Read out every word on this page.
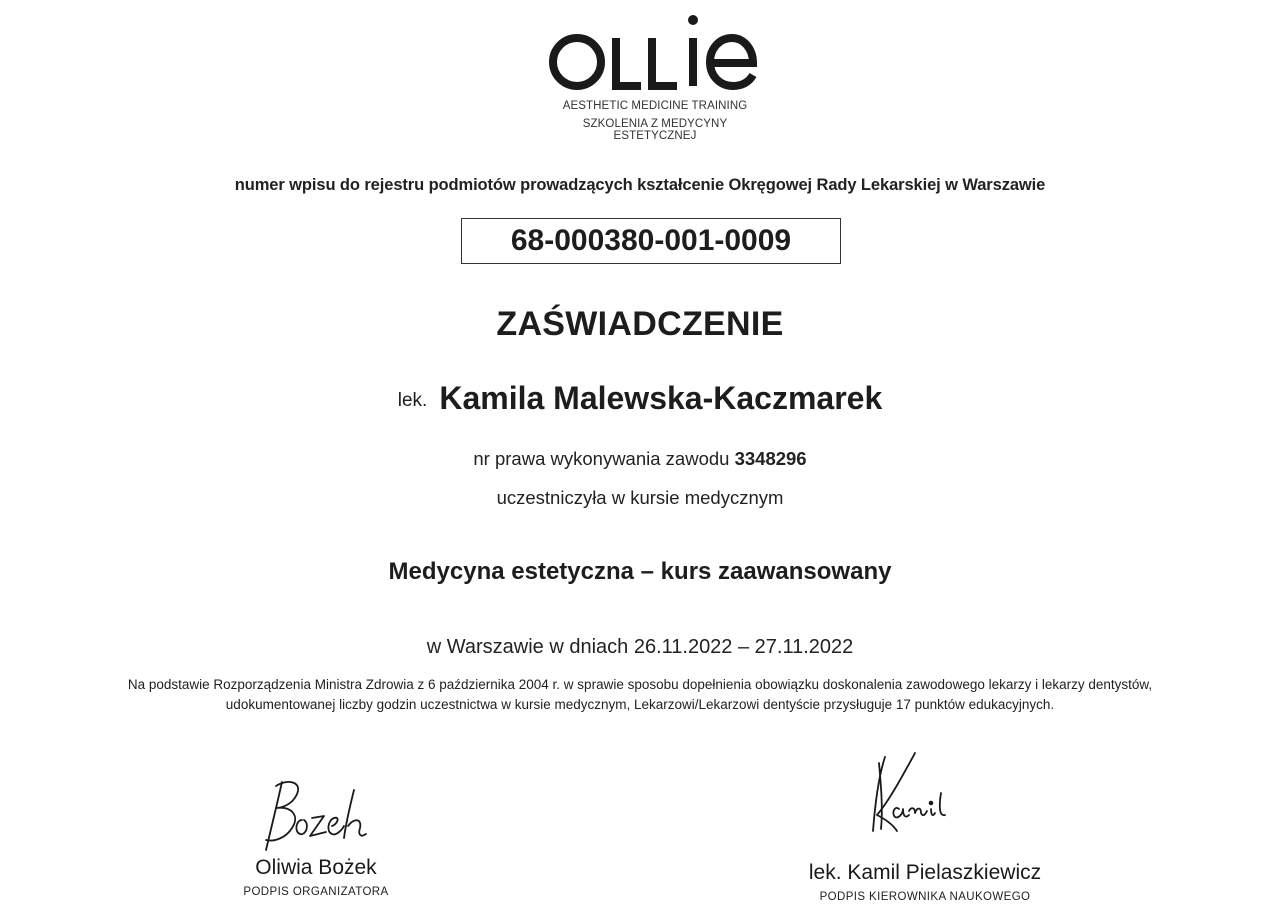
AESTHETIC MEDICINE TRAINING
SZKOLENIA Z MEDYCYNY ESTETYCZNEJ
numer wpisu do rejestru podmiotów prowadzących kształcenie Okręgowej Rady Lekarskiej w Warszawie
68-000380-001-0009
ZAŚWIADCZENIE
lek. Kamila Malewska-Kaczmarek
nr prawa wykonywania zawodu 3348296
uczestniczyła w kursie medycznym
Medycyna estetyczna – kurs zaawansowany
w Warszawie w dniach 26.11.2022 – 27.11.2022
Na podstawie Rozporządzenia Ministra Zdrowia z 6 października 2004 r. w sprawie sposobu dopełnienia obowiązku doskonalenia zawodowego lekarzy i lekarzy dentystów,
udokumentowanej liczby godzin uczestnictwa w kursie medycznym, Lekarzowi/Lekarzowi dentyście przysługuje 17 punktów edukacyjnych.
Oliwia Bożek
PODPIS ORGANIZATORA
lek. Kamil Pielaszkiewicz
PODPIS KIEROWNIKA NAUKOWEGO
